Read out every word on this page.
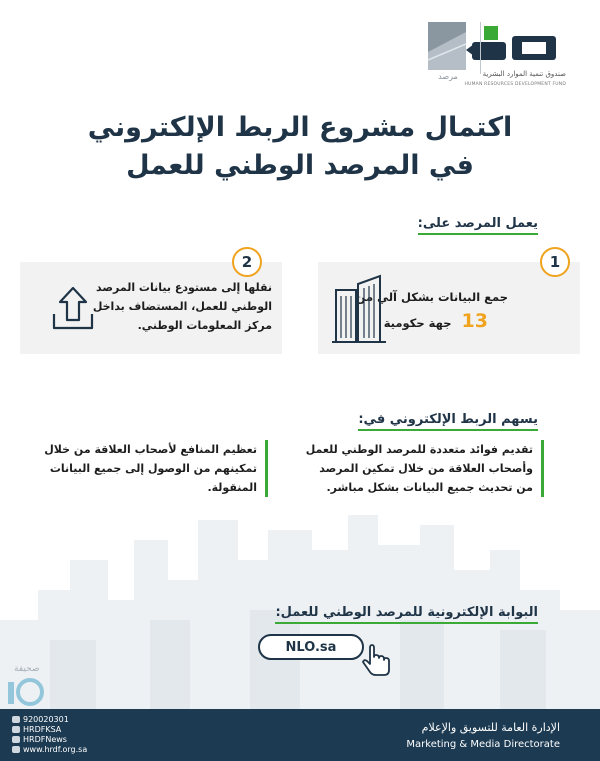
صندوق تنمية الموارد البشرية
HUMAN RESOURCES DEVELOPMENT FUND
مرصد
اكتمال مشروع الربط الإلكتروني
في المرصد الوطني للعمل
يعمل المرصد على:
1
جمع البيانات بشكل آلي من
13 جهة حكومية
2
نقلها إلى مستودع بيانات المرصد الوطني للعمل، المستضاف بداخل مركز المعلومات الوطني.
يسهم الربط الإلكتروني في:
تقديم فوائد متعددة للمرصد الوطني للعمل وأصحاب العلاقة من خلال تمكين المرصد من تحديث جميع البيانات بشكل مباشر.
تعظيم المنافع لأصحاب العلاقة من خلال تمكينهم من الوصول إلى جميع البيانات المنقولة.
البوابة الإلكترونية للمرصد الوطني للعمل:
NLO.sa
صحيفة
920020301
HRDFKSA
HRDFNews
www.hrdf.org.sa
الإدارة العامة للتسويق والإعلام
Marketing & Media Directorate
